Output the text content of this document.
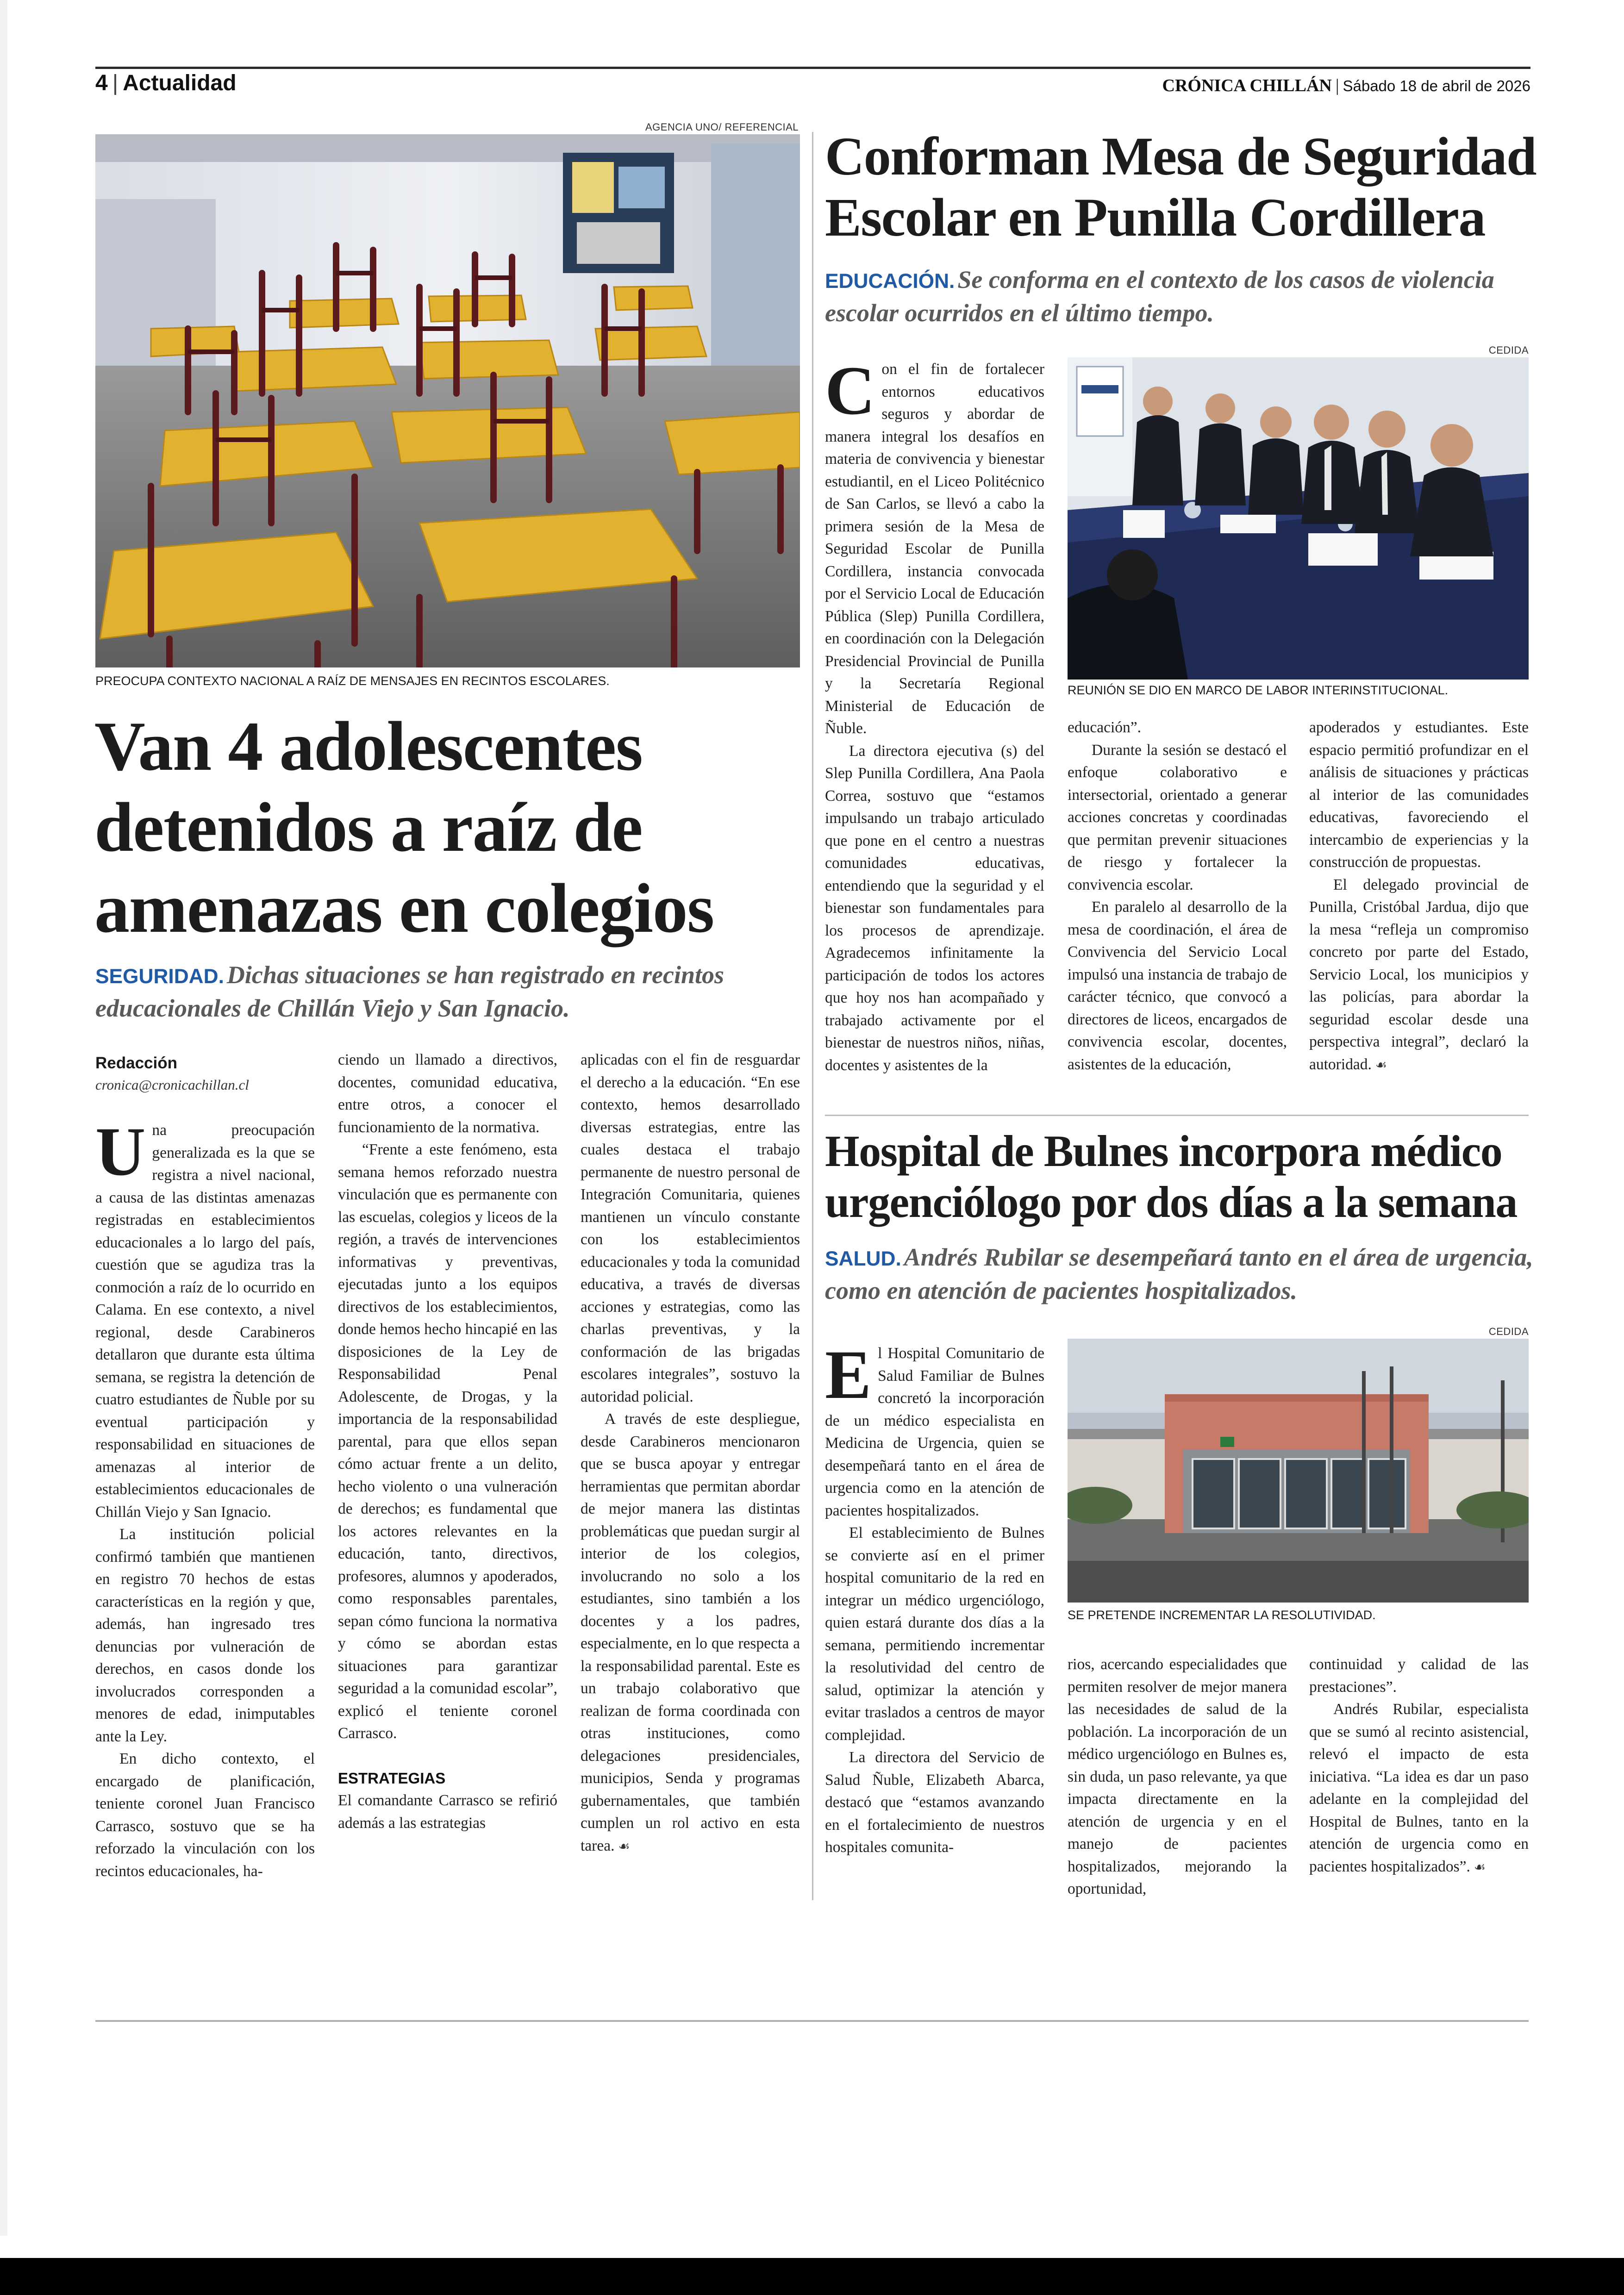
4 | Actualidad	CRÓNICA CHILLÁN | Sábado 18 de abril de 2026
AGENCIA UNO/ REFERENCIAL
PREOCUPA CONTEXTO NACIONAL A RAÍZ DE MENSAJES EN RECINTOS ESCOLARES.
Van 4 adolescentes
detenidos a raíz de
amenazas en colegios
SEGURIDAD. Dichas situaciones se han registrado en recintos educacionales de Chillán Viejo y San Ignacio.
Redacción
cronica@cronicachillan.cl

Una preocupación generalizada es la que se registra a nivel nacional, a causa de las distintas amenazas registradas en establecimientos educacionales a lo largo del país, cuestión que se agudiza tras la conmoción a raíz de lo ocurrido en Calama. En ese contexto, a nivel regional, desde Carabineros detallaron que durante esta última semana, se registra la detención de cuatro estudiantes de Ñuble por su eventual participación y responsabilidad en situaciones de amenazas al interior de establecimientos educacionales de Chillán Viejo y San Ignacio.

La institución policial confirmó también que mantienen en registro 70 hechos de estas características en la región y que, además, han ingresado tres denuncias por vulneración de derechos, en casos donde los involucrados corresponden a menores de edad, inimputables ante la Ley.

En dicho contexto, el encargado de planificación, teniente coronel Juan Francisco Carrasco, sostuvo que se ha reforzado la vinculación con los recintos educacionales, ha-

ciendo un llamado a directivos, docentes, comunidad educativa, entre otros, a conocer el funcionamiento de la normativa.

“Frente a este fenómeno, esta semana hemos reforzado nuestra vinculación que es permanente con las escuelas, colegios y liceos de la región, a través de intervenciones informativas y preventivas, ejecutadas junto a los equipos directivos de los establecimientos, donde hemos hecho hincapié en las disposiciones de la Ley de Responsabilidad Penal Adolescente, de Drogas, y la importancia de la responsabilidad parental, para que ellos sepan cómo actuar frente a un delito, hecho violento o una vulneración de derechos; es fundamental que los actores relevantes en la educación, tanto, directivos, profesores, alumnos y apoderados, como responsables parentales, sepan cómo funciona la normativa y cómo se abordan estas situaciones para garantizar seguridad a la comunidad escolar”, explicó el teniente coronel Carrasco.

ESTRATEGIAS

El comandante Carrasco se refirió además a las estrategias

aplicadas con el fin de resguardar el derecho a la educación. “En ese contexto, hemos desarrollado diversas estrategias, entre las cuales destaca el trabajo permanente de nuestro personal de Integración Comunitaria, quienes mantienen un vínculo constante con los establecimientos educacionales y toda la comunidad educativa, a través de diversas acciones y estrategias, como las charlas preventivas, y la conformación de las brigadas escolares integrales”, sostuvo la autoridad policial.

A través de este despliegue, desde Carabineros mencionaron que se busca apoyar y entregar herramientas que permitan abordar de mejor manera las distintas problemáticas que puedan surgir al interior de los colegios, involucrando no solo a los estudiantes, sino también a los docentes y a los padres, especialmente, en lo que respecta a la responsabilidad parental. Este es un trabajo colaborativo que realizan de forma coordinada con otras instituciones, como delegaciones presidenciales, municipios, Senda y programas gubernamentales, que también cumplen un rol activo en esta tarea. ☙

Conforman Mesa de Seguridad
Escolar en Punilla Cordillera
EDUCACIÓN. Se conforma en el contexto de los casos de violencia escolar ocurridos en el último tiempo.

Con el fin de fortalecer entornos educativos seguros y abordar de manera integral los desafíos en materia de convivencia y bienestar estudiantil, en el Liceo Politécnico de San Carlos, se llevó a cabo la primera sesión de la Mesa de Seguridad Escolar de Punilla Cordillera, instancia convocada por el Servicio Local de Educación Pública (Slep) Punilla Cordillera, en coordinación con la Delegación Presidencial Provincial de Punilla y la Secretaría Regional Ministerial de Educación de Ñuble.

La directora ejecutiva (s) del Slep Punilla Cordillera, Ana Paola Correa, sostuvo que “estamos impulsando un trabajo articulado que pone en el centro a nuestras comunidades educativas, entendiendo que la seguridad y el bienestar son fundamentales para los procesos de aprendizaje. Agradecemos infinitamente la participación de todos los actores que hoy nos han acompañado y trabajado activamente por el bienestar de nuestros niños, niñas, docentes y asistentes de la

CEDIDA
REUNIÓN SE DIO EN MARCO DE LABOR INTERINSTITUCIONAL.

educación”.

Durante la sesión se destacó el enfoque colaborativo e intersectorial, orientado a generar acciones concretas y coordinadas que permitan prevenir situaciones de riesgo y fortalecer la convivencia escolar.

En paralelo al desarrollo de la mesa de coordinación, el área de Convivencia del Servicio Local impulsó una instancia de trabajo de carácter técnico, que convocó a directores de liceos, encargados de convivencia escolar, docentes, asistentes de la educación,

apoderados y estudiantes. Este espacio permitió profundizar en el análisis de situaciones y prácticas al interior de las comunidades educativas, favoreciendo el intercambio de experiencias y la construcción de propuestas.

El delegado provincial de Punilla, Cristóbal Jardua, dijo que la mesa “refleja un compromiso concreto por parte del Estado, Servicio Local, los municipios y las policías, para abordar la seguridad escolar desde una perspectiva integral”, declaró la autoridad. ☙

Hospital de Bulnes incorpora médico
urgenciólogo por dos días a la semana
SALUD. Andrés Rubilar se desempeñará tanto en el área de urgencia, como en atención de pacientes hospitalizados.

El Hospital Comunitario de Salud Familiar de Bulnes concretó la incorporación de un médico especialista en Medicina de Urgencia, quien se desempeñará tanto en el área de urgencia como en la atención de pacientes hospitalizados.

El establecimiento de Bulnes se convierte así en el primer hospital comunitario de la red en integrar un médico urgenciólogo, quien estará durante dos días a la semana, permitiendo incrementar la resolutividad del centro de salud, optimizar la atención y evitar traslados a centros de mayor complejidad.

La directora del Servicio de Salud Ñuble, Elizabeth Abarca, destacó que “estamos avanzando en el fortalecimiento de nuestros hospitales comunita-

CEDIDA
SE PRETENDE INCREMENTAR LA RESOLUTIVIDAD.

rios, acercando especialidades que permiten resolver de mejor manera las necesidades de salud de la población. La incorporación de un médico urgenciólogo en Bulnes es, sin duda, un paso relevante, ya que impacta directamente en la atención de urgencia y en el manejo de pacientes hospitalizados, mejorando la oportunidad,

continuidad y calidad de las prestaciones”.

Andrés Rubilar, especialista que se sumó al recinto asistencial, relevó el impacto de esta iniciativa. “La idea es dar un paso adelante en la complejidad del Hospital de Bulnes, tanto en la atención de urgencia como en pacientes hospitalizados”. ☙
